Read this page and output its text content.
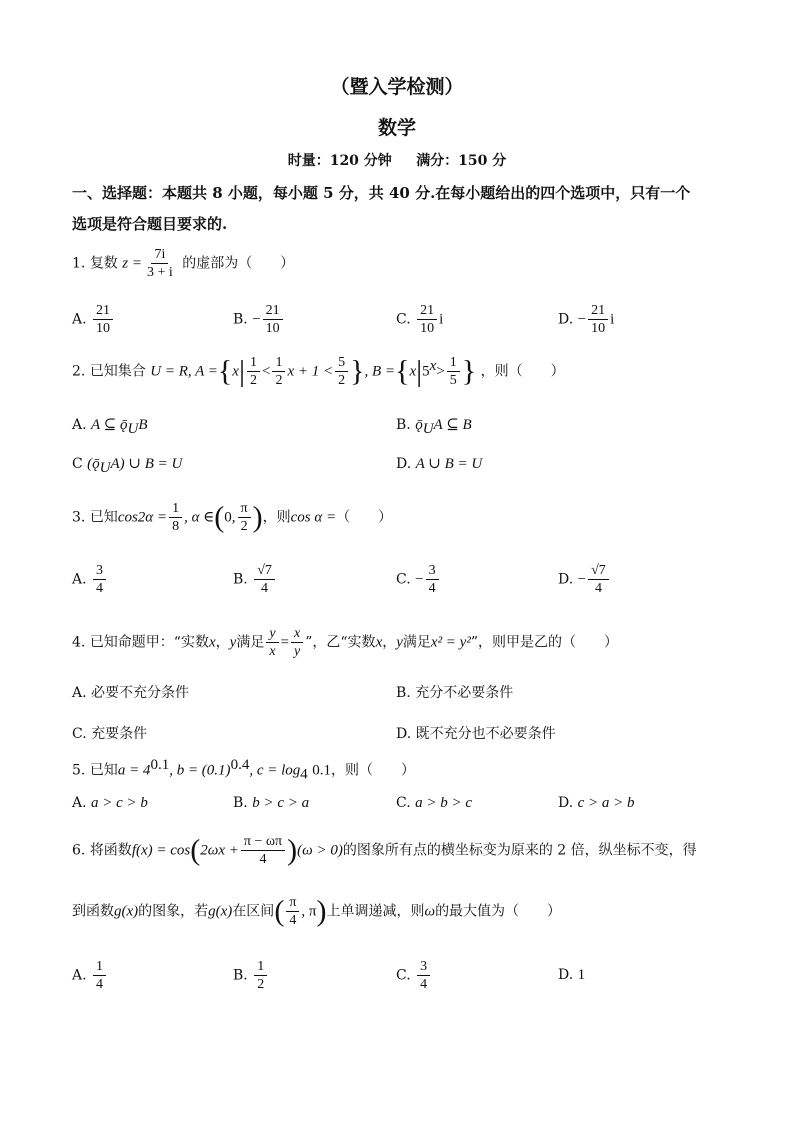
（暨入学检测）
数学
时量：120 分钟 满分：150 分
一、选择题：本题共 8 小题，每小题 5 分，共 40 分.在每小题给出的四个选项中，只有一个
选项是符合题目要求的.
1. 复数 $z = \frac{7i}{3 + i}$ 的虚部为（　　）
A. $\frac{21}{10}$	B. − $\frac{21}{10}$	C. $\frac{21}{10}$ i	D. − $\frac{21}{10}$ i
2. 已知集合 U = R, $A =\{x| \frac{1}{2} < \frac{1}{2}$ $x + 1 < \frac{5}{2}$ }, $B =\{x|5^x> \frac{1}{5}$ } ，则（　　）
A. A ⊆ $ǭ_UB$	B. $ǭ_UA$ ⊆ B
C $(ǭ_UA)$ ∪ B = U	D. A ∪ B = U
3. 已知$\cos 2\alpha = \frac{1}{8}$ , α ∈(0, $\frac{\pi}{2}$ )，则cos α =（　　）
A. $\frac{3}{4}$	B. $\frac{√7}{4}$	C. − $\frac{3}{4}$	D. − $\frac{√7}{4}$
4. 已知命题甲：“实数x，y满足 $\frac{y}{x} = \frac{x}{y}$ ”，乙“实数x，y满足x² = y²”，则甲是乙的（　　）
A. 必要不充分条件	B. 充分不必要条件
C. 充要条件	D. 既不充分也不必要条件
5. 已知$a = 4^{0.1}$, $b = (0.1)^{0.4}$, $c = \log_4 0.1$，则（　　）
A. a > c > b	B. b > c > a	C. a > b > c	D. c > a > b
6. 将函数$f(x) = \cos(2\omega x + \frac{\pi - \omega\pi}{4} )(\omega > 0)$的图象所有点的横坐标变为原来的 2 倍，纵坐标不变，得
到函数g(x)的图象，若g(x)在区间( $\frac{\pi}{4}$ , π)上单调递减，则ω的最大值为（　　）
A. $\frac{1}{4}$	B. $\frac{1}{2}$	C. $\frac{3}{4}$	D. 1
